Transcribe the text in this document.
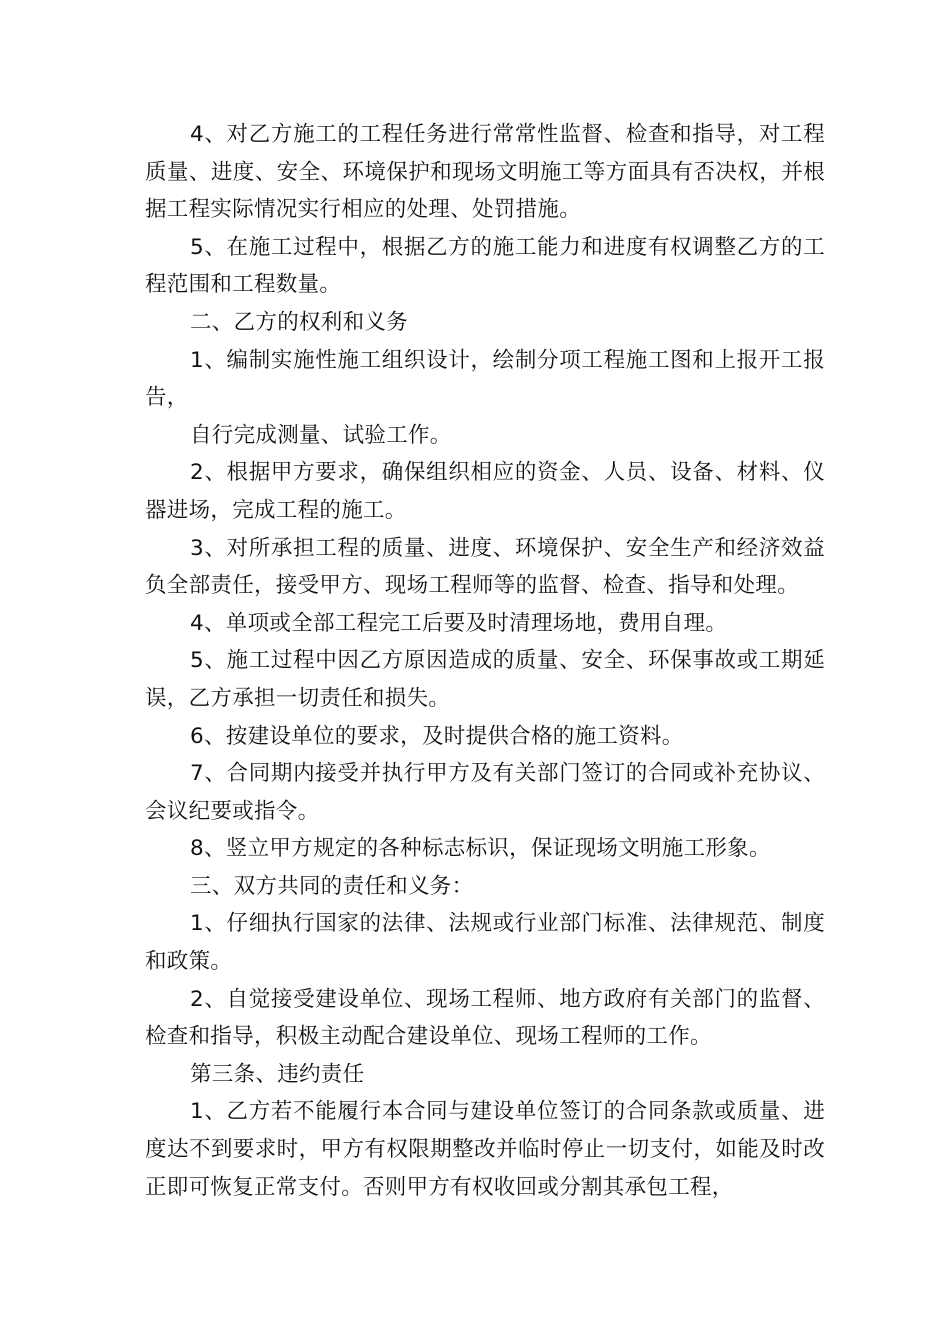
4、对乙方施工的工程任务进行常常性监督、检查和指导，对工程质量、进度、安全、环境保护和现场文明施工等方面具有否决权，并根据工程实际情况实行相应的处理、处罚措施。

5、在施工过程中，根据乙方的施工能力和进度有权调整乙方的工程范围和工程数量。

二、乙方的权利和义务

1、编制实施性施工组织设计，绘制分项工程施工图和上报开工报告，

自行完成测量、试验工作。

2、根据甲方要求，确保组织相应的资金、人员、设备、材料、仪器进场，完成工程的施工。

3、对所承担工程的质量、进度、环境保护、安全生产和经济效益负全部责任，接受甲方、现场工程师等的监督、检查、指导和处理。

4、单项或全部工程完工后要及时清理场地，费用自理。

5、施工过程中因乙方原因造成的质量、安全、环保事故或工期延误，乙方承担一切责任和损失。

6、按建设单位的要求，及时提供合格的施工资料。

7、合同期内接受并执行甲方及有关部门签订的合同或补充协议、会议纪要或指令。

8、竖立甲方规定的各种标志标识，保证现场文明施工形象。

三、双方共同的责任和义务：

1、仔细执行国家的法律、法规或行业部门标准、法律规范、制度和政策。

2、自觉接受建设单位、现场工程师、地方政府有关部门的监督、检查和指导，积极主动配合建设单位、现场工程师的工作。

第三条、违约责任

1、乙方若不能履行本合同与建设单位签订的合同条款或质量、进度达不到要求时，甲方有权限期整改并临时停止一切支付，如能及时改正即可恢复正常支付。否则甲方有权收回或分割其承包工程，
